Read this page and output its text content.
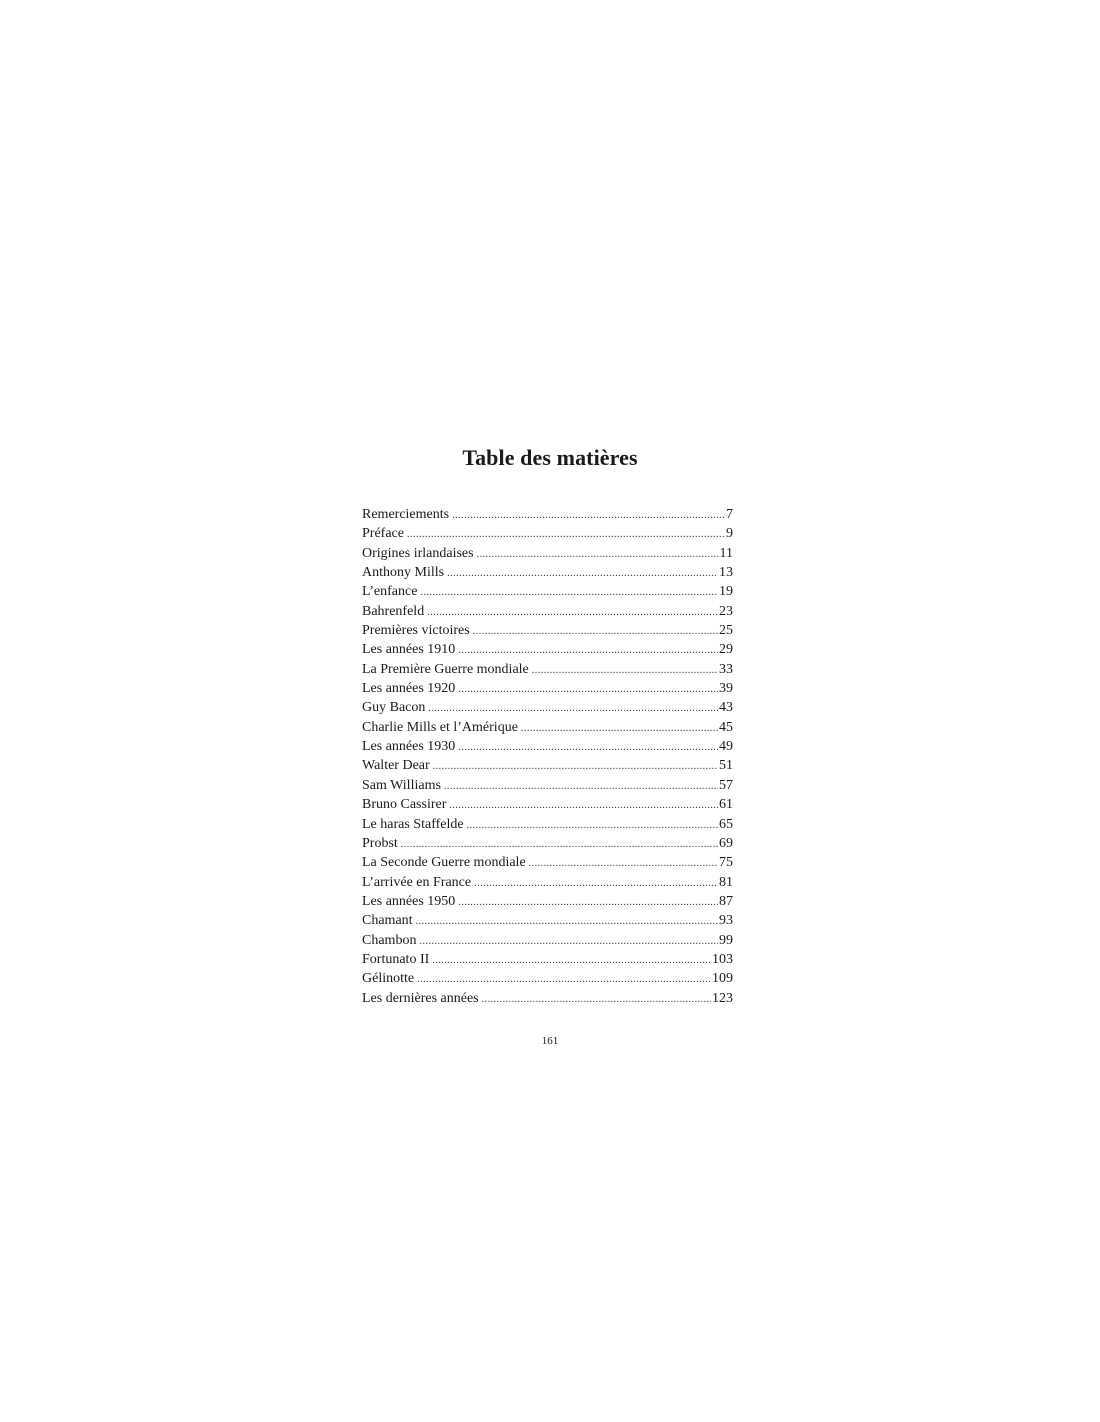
Table des matières
Remerciements .....	7
Préface .....	9
Origines irlandaises .....	11
Anthony Mills .....	13
L’enfance .....	19
Bahrenfeld .....	23
Premières victoires .....	25
Les années 1910 .....	29
La Première Guerre mondiale .....	33
Les années 1920 .....	39
Guy Bacon .....	43
Charlie Mills et l’Amérique .....	45
Les années 1930 .....	49
Walter Dear .....	51
Sam Williams .....	57
Bruno Cassirer .....	61
Le haras Staffelde .....	65
Probst .....	69
La Seconde Guerre mondiale .....	75
L’arrivée en France .....	81
Les années 1950 .....	87
Chamant .....	93
Chambon .....	99
Fortunato II .....	103
Gélinotte .....	109
Les dernières années .....	123
161
